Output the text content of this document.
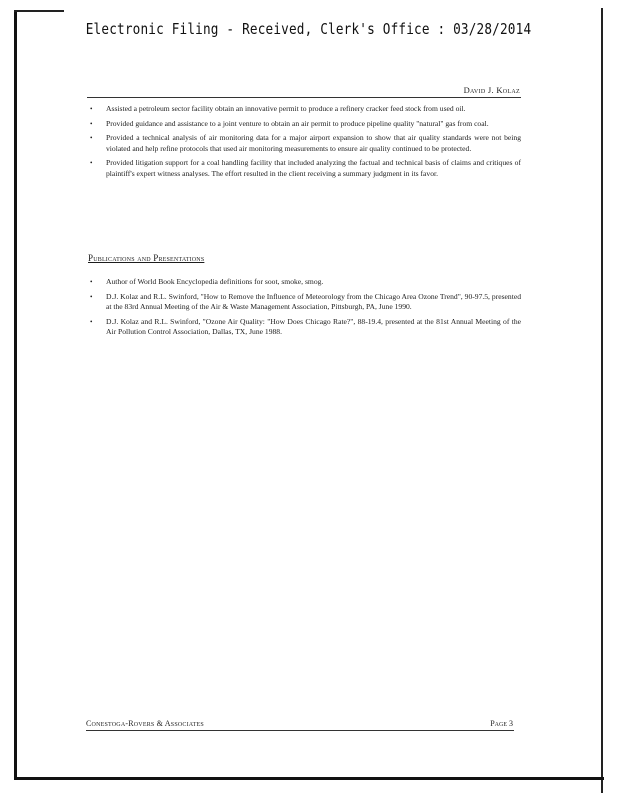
Electronic Filing - Received, Clerk's Office : 03/28/2014
David J. Kolaz
• Assisted a petroleum sector facility obtain an innovative permit to produce a refinery cracker feed stock from used oil.
• Provided guidance and assistance to a joint venture to obtain an air permit to produce pipeline quality "natural" gas from coal.
• Provided a technical analysis of air monitoring data for a major airport expansion to show that air quality standards were not being violated and help refine protocols that used air monitoring measurements to ensure air quality continued to be protected.
• Provided litigation support for a coal handling facility that included analyzing the factual and technical basis of claims and critiques of plaintiff's expert witness analyses. The effort resulted in the client receiving a summary judgment in its favor.
Publications and Presentations
• Author of World Book Encyclopedia definitions for soot, smoke, smog.
• D.J. Kolaz and R.L. Swinford, "How to Remove the Influence of Meteorology from the Chicago Area Ozone Trend", 90-97.5, presented at the 83rd Annual Meeting of the Air & Waste Management Association, Pittsburgh, PA, June 1990.
• D.J. Kolaz and R.L. Swinford, "Ozone Air Quality: "How Does Chicago Rate?", 88-19.4, presented at the 81st Annual Meeting of the Air Pollution Control Association, Dallas, TX, June 1988.
Conestoga-Rovers & Associates	Page 3
